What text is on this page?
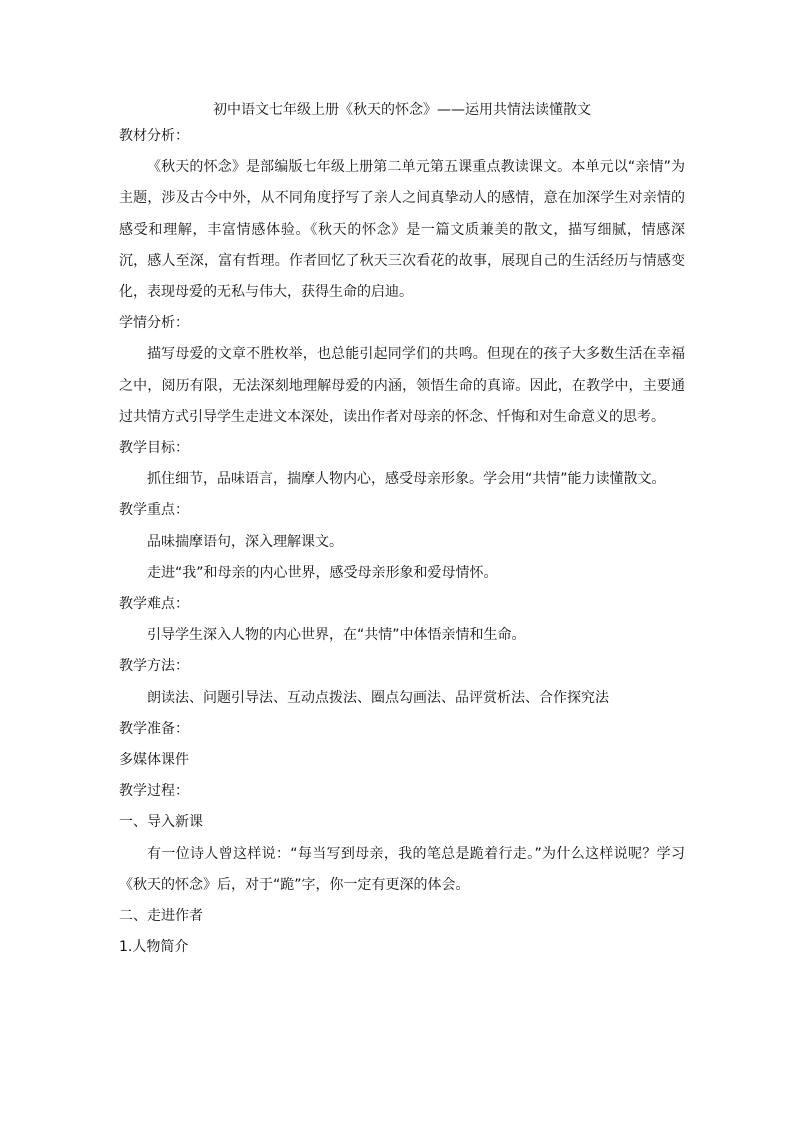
初中语文七年级上册《秋天的怀念》——运用共情法读懂散文

教材分析：

《秋天的怀念》是部编版七年级上册第二单元第五课重点教读课文。本单元以“亲情”为主题，涉及古今中外，从不同角度抒写了亲人之间真挚动人的感情，意在加深学生对亲情的感受和理解，丰富情感体验。《秋天的怀念》是一篇文质兼美的散文，描写细腻，情感深沉，感人至深，富有哲理。作者回忆了秋天三次看花的故事，展现自己的生活经历与情感变化，表现母爱的无私与伟大，获得生命的启迪。

学情分析：

描写母爱的文章不胜枚举，也总能引起同学们的共鸣。但现在的孩子大多数生活在幸福之中，阅历有限，无法深刻地理解母爱的内涵，领悟生命的真谛。因此，在教学中，主要通过共情方式引导学生走进文本深处，读出作者对母亲的怀念、忏悔和对生命意义的思考。

教学目标：

抓住细节，品味语言，揣摩人物内心，感受母亲形象。学会用“共情”能力读懂散文。

教学重点：

品味揣摩语句，深入理解课文。

走进“我”和母亲的内心世界，感受母亲形象和爱母情怀。

教学难点：

引导学生深入人物的内心世界，在“共情”中体悟亲情和生命。

教学方法：

朗读法、问题引导法、互动点拨法、圈点勾画法、品评赏析法、合作探究法

教学准备：

多媒体课件

教学过程：

一、导入新课

有一位诗人曾这样说：“每当写到母亲，我的笔总是跪着行走。”为什么这样说呢？学习《秋天的怀念》后，对于“跪”字，你一定有更深的体会。

二、走进作者

1.人物简介
